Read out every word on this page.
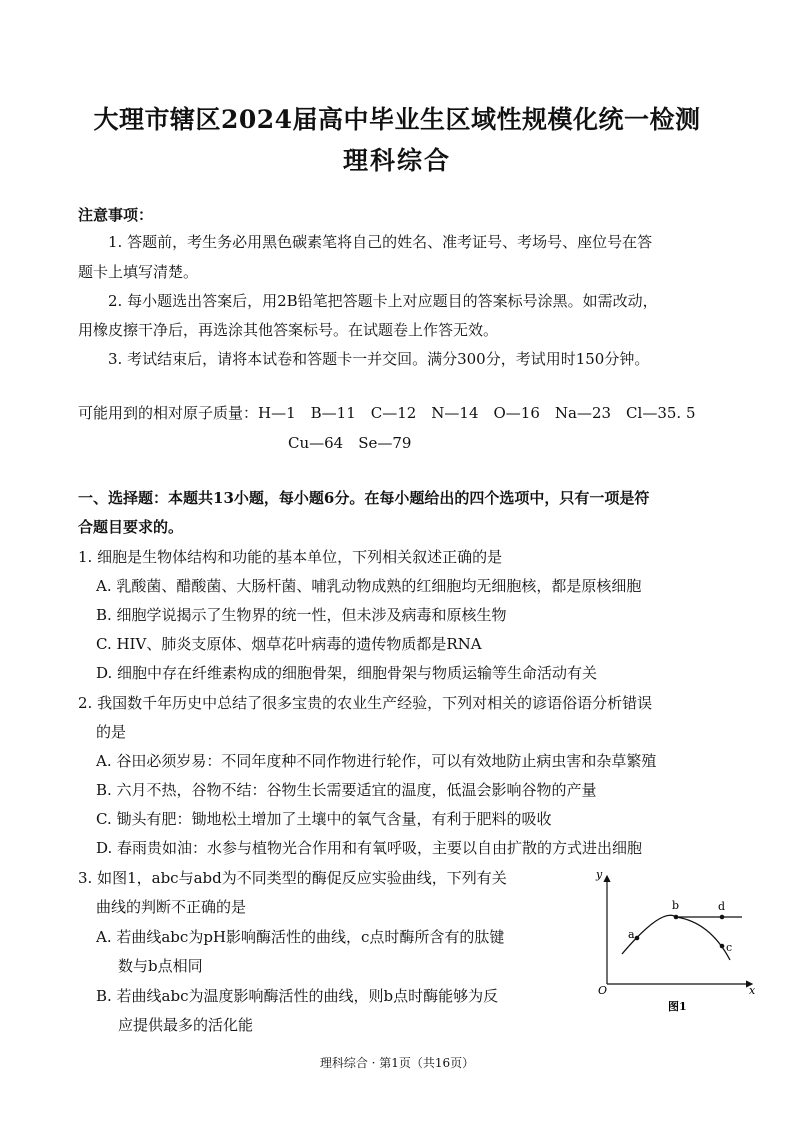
大理市辖区2024届高中毕业生区域性规模化统一检测
理科综合

注意事项：

1. 答题前，考生务必用黑色碳素笔将自己的姓名、准考证号、考场号、座位号在答

题卡上填写清楚。

2. 每小题选出答案后，用2B铅笔把答题卡上对应题目的答案标号涂黑。如需改动，

用橡皮擦干净后，再选涂其他答案标号。在试题卷上作答无效。

3. 考试结束后，请将本试卷和答题卡一并交回。满分300分，考试用时150分钟。

可能用到的相对原子质量：H—1　B—11　C—12　N—14　O—16　Na—23　Cl—35. 5

Cu—64　Se—79

一、选择题：本题共13小题，每小题6分。在每小题给出的四个选项中，只有一项是符

合题目要求的。

1. 细胞是生物体结构和功能的基本单位，下列相关叙述正确的是

A. 乳酸菌、醋酸菌、大肠杆菌、哺乳动物成熟的红细胞均无细胞核，都是原核细胞

B. 细胞学说揭示了生物界的统一性，但未涉及病毒和原核生物

C. HIV、肺炎支原体、烟草花叶病毒的遗传物质都是RNA

D. 细胞中存在纤维素构成的细胞骨架，细胞骨架与物质运输等生命活动有关

2. 我国数千年历史中总结了很多宝贵的农业生产经验，下列对相关的谚语俗语分析错误

的是

A. 谷田必须岁易：不同年度种不同作物进行轮作，可以有效地防止病虫害和杂草繁殖

B. 六月不热，谷物不结：谷物生长需要适宜的温度，低温会影响谷物的产量

C. 锄头有肥：锄地松土增加了土壤中的氧气含量，有利于肥料的吸收

D. 春雨贵如油：水参与植物光合作用和有氧呼吸，主要以自由扩散的方式进出细胞

3. 如图1，abc与abd为不同类型的酶促反应实验曲线，下列有关

曲线的判断不正确的是

A. 若曲线abc为pH影响酶活性的曲线，c点时酶所含有的肽键

数与b点相同

B. 若曲线abc为温度影响酶活性的曲线，则b点时酶能够为反

应提供最多的活化能

y
x
O
a
b
c
d
图1
理科综合 · 第1页（共16页）
